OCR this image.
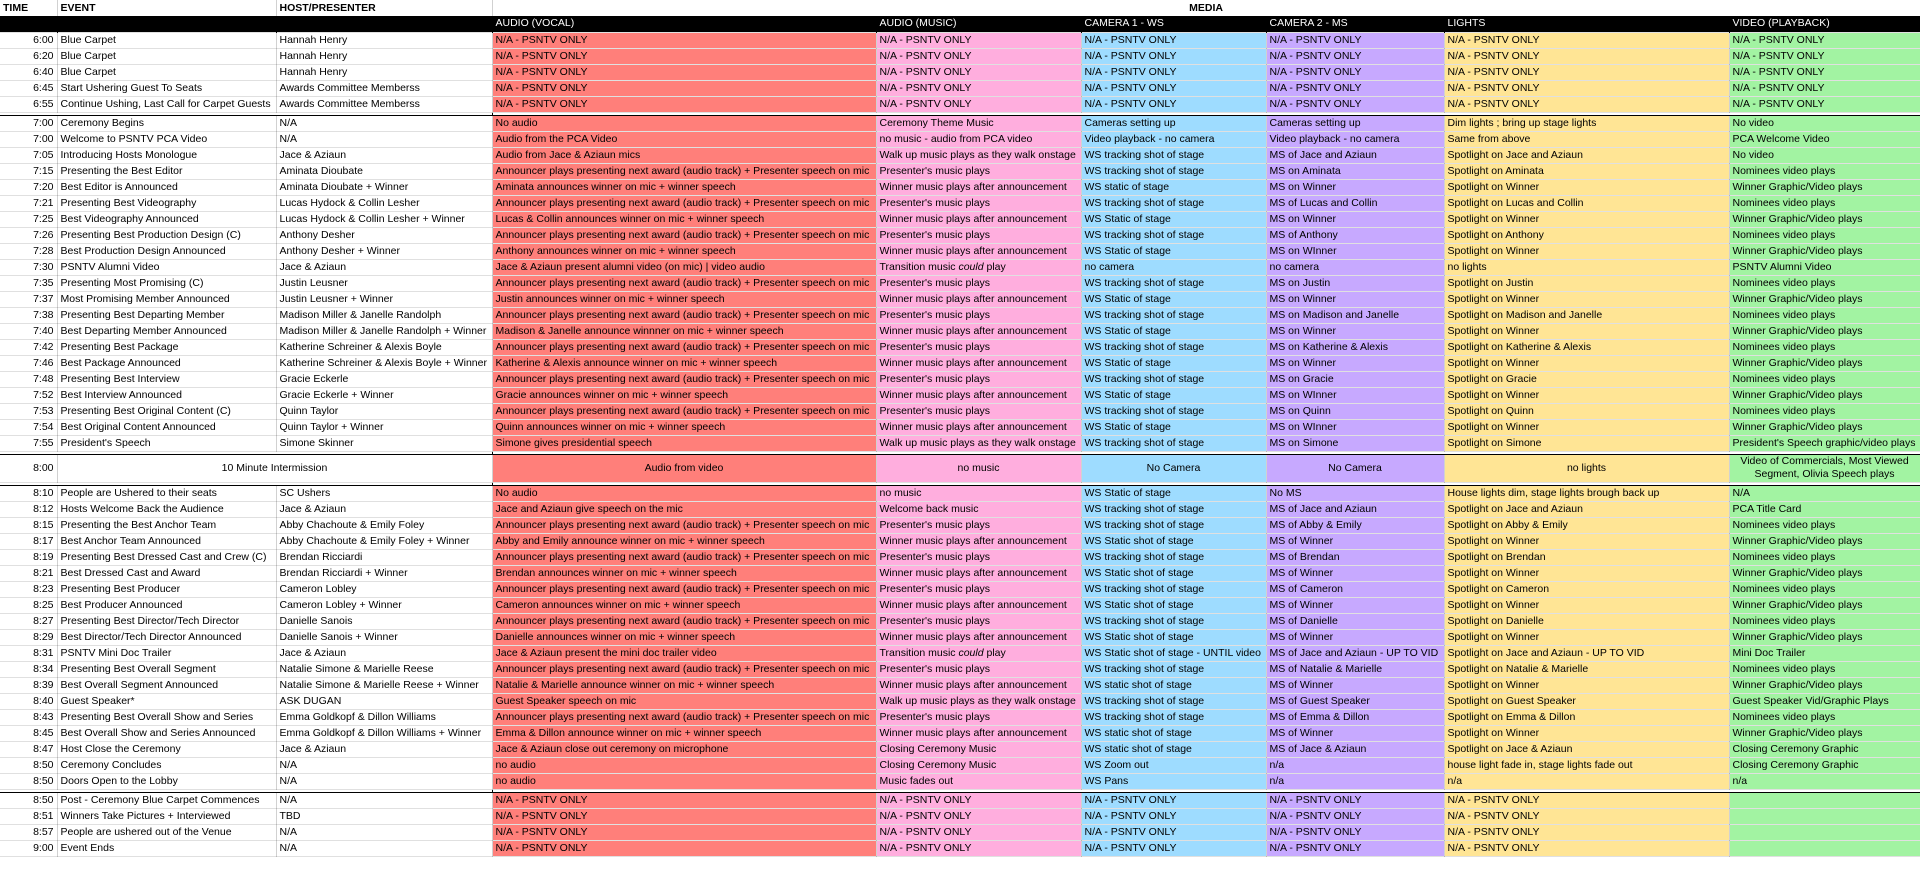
TIME	EVENT	HOST/PRESENTER	MEDIA					
			AUDIO (VOCAL)	AUDIO (MUSIC)	CAMERA 1 - WS	CAMERA 2 - MS	LIGHTS	VIDEO (PLAYBACK)
6:00	Blue Carpet	Hannah Henry	N/A - PSNTV ONLY	N/A - PSNTV ONLY	N/A - PSNTV ONLY	N/A - PSNTV ONLY	N/A - PSNTV ONLY	N/A - PSNTV ONLY
6:20	Blue Carpet	Hannah Henry	N/A - PSNTV ONLY	N/A - PSNTV ONLY	N/A - PSNTV ONLY	N/A - PSNTV ONLY	N/A - PSNTV ONLY	N/A - PSNTV ONLY
6:40	Blue Carpet	Hannah Henry	N/A - PSNTV ONLY	N/A - PSNTV ONLY	N/A - PSNTV ONLY	N/A - PSNTV ONLY	N/A - PSNTV ONLY	N/A - PSNTV ONLY
6:45	Start Ushering Guest To Seats	Awards Committee Memberss	N/A - PSNTV ONLY	N/A - PSNTV ONLY	N/A - PSNTV ONLY	N/A - PSNTV ONLY	N/A - PSNTV ONLY	N/A - PSNTV ONLY
6:55	Continue Ushing, Last Call for Carpet Guests	Awards Committee Memberss	N/A - PSNTV ONLY	N/A - PSNTV ONLY	N/A - PSNTV ONLY	N/A - PSNTV ONLY	N/A - PSNTV ONLY	N/A - PSNTV ONLY

7:00	Ceremony Begins	N/A	No audio	Ceremony Theme Music	Cameras setting up	Cameras setting up	Dim lights ; bring up stage lights	No video
7:00	Welcome to PSNTV PCA Video	N/A	Audio from the PCA Video	no music - audio from PCA video	Video playback - no camera	Video playback - no camera	Same from above	PCA Welcome Video
7:05	Introducing Hosts Monologue	Jace & Aziaun	Audio from Jace & Aziaun mics	Walk up music plays as they walk onstage	WS tracking shot of stage	MS of Jace and Aziaun	Spotlight on Jace and Aziaun	No video
7:15	Presenting the Best Editor	Aminata Dioubate	Announcer plays presenting next award (audio track) + Presenter speech on mic	Presenter's music plays	WS tracking shot of stage	MS on Aminata	Spotlight on Aminata	Nominees video plays
7:20	Best Editor is Announced	Aminata Dioubate + Winner	Aminata announces winner on mic + winner speech	Winner music plays after announcement	WS static of stage	MS on Winner	Spotlight on Winner	Winner Graphic/Video plays
7:21	Presenting Best Videography	Lucas Hydock & Collin Lesher	Announcer plays presenting next award (audio track) + Presenter speech on mic	Presenter's music plays	WS tracking shot of stage	MS of Lucas and Collin	Spotlight on Lucas and Collin	Nominees video plays
7:25	Best Videography Announced	Lucas Hydock & Collin Lesher + Winner	Lucas & Collin announces winner on mic + winner speech	Winner music plays after announcement	WS Static of stage	MS on Winner	Spotlight on Winner	Winner Graphic/Video plays
7:26	Presenting Best Production Design (C)	Anthony Desher	Announcer plays presenting next award (audio track) + Presenter speech on mic	Presenter's music plays	WS tracking shot of stage	MS of Anthony	Spotlight on Anthony	Nominees video plays
7:28	Best Production Design Announced	Anthony Desher + Winner	Anthony announces winner on mic + winner speech	Winner music plays after announcement	WS Static of stage	MS on WInner	Spotlight on Winner	Winner Graphic/Video plays
7:30	PSNTV Alumni Video	Jace & Aziaun	Jace & Aziaun present alumni video (on mic) | video audio	Transition music could play	no camera	no camera	no lights	PSNTV Alumni Video
7:35	Presenting Most Promising (C)	Justin Leusner	Announcer plays presenting next award (audio track) + Presenter speech on mic	Presenter's music plays	WS tracking shot of stage	MS on Justin	Spotlight on Justin	Nominees video plays
7:37	Most Promising Member Announced	Justin Leusner + Winner	Justin announces winner on mic + winner speech	Winner music plays after announcement	WS Static of stage	MS on Winner	Spotlight on Winner	Winner Graphic/Video plays
7:38	Presenting Best Departing Member	Madison Miller & Janelle Randolph	Announcer plays presenting next award (audio track) + Presenter speech on mic	Presenter's music plays	WS tracking shot of stage	MS on Madison and Janelle	Spotlight on Madison and Janelle	Nominees video plays
7:40	Best Departing Member Announced	Madison Miller & Janelle Randolph + Winner	Madison & Janelle announce winnner on mic + winner speech	Winner music plays after announcement	WS Static of stage	MS on Winner	Spotlight on Winner	Winner Graphic/Video plays
7:42	Presenting Best Package	Katherine Schreiner & Alexis Boyle	Announcer plays presenting next award (audio track) + Presenter speech on mic	Presenter's music plays	WS tracking shot of stage	MS on Katherine & Alexis	Spotlight on Katherine & Alexis	Nominees video plays
7:46	Best Package Announced	Katherine Schreiner & Alexis Boyle + Winner	Katherine & Alexis announce winner on mic + winner speech	Winner music plays after announcement	WS Static of stage	MS on Winner	Spotlight on Winner	Winner Graphic/Video plays
7:48	Presenting Best Interview	Gracie Eckerle	Announcer plays presenting next award (audio track) + Presenter speech on mic	Presenter's music plays	WS tracking shot of stage	MS on Gracie	Spotlight on Gracie	Nominees video plays
7:52	Best Interview Announced	Gracie Eckerle + Winner	Gracie announces winner on mic + winner speech	Winner music plays after announcement	WS Static of stage	MS on WInner	Spotlight on Winner	Winner Graphic/Video plays
7:53	Presenting Best Original Content (C)	Quinn Taylor	Announcer plays presenting next award (audio track) + Presenter speech on mic	Presenter's music plays	WS tracking shot of stage	MS on Quinn	Spotlight on Quinn	Nominees video plays
7:54	Best Original Content Announced	Quinn Taylor + Winner	Quinn announces winner on mic + winner speech	Winner music plays after announcement	WS Static of stage	MS on WInner	Spotlight on Winner	Winner Graphic/Video plays
7:55	President's Speech	Simone Skinner	Simone gives presidential speech	Walk up music plays as they walk onstage	WS tracking shot of stage	MS on Simone	Spotlight on Simone	President's Speech graphic/video plays

8:00	10 Minute Intermission		Audio from video	no music	No Camera	No Camera	no lights	Video of Commercials, Most Viewed Segment, Olivia Speech plays

8:10	People are Ushered to their seats	SC Ushers	No audio	no music	WS Static of stage	No MS	House lights dim, stage lights brough back up	N/A
8:12	Hosts Welcome Back the Audience	Jace & Aziaun	Jace and Aziaun give speech on the mic	Welcome back music	WS tracking shot of stage	MS of Jace and Aziaun	Spotlight on Jace and Aziaun	PCA Title Card
8:15	Presenting the Best Anchor Team	Abby Chachoute & Emily Foley	Announcer plays presenting next award (audio track) + Presenter speech on mic	Presenter's music plays	WS tracking shot of stage	MS of Abby & Emily	Spotlight on Abby & Emily	Nominees video plays
8:17	Best Anchor Team Announced	Abby Chachoute & Emily Foley + Winner	Abby and Emily announce winner on mic + winner speech	Winner music plays after announcement	WS Static shot of stage	MS of Winner	Spotlight on Winner	Winner Graphic/Video plays
8:19	Presenting Best Dressed Cast and Crew (C)	Brendan Ricciardi	Announcer plays presenting next award (audio track) + Presenter speech on mic	Presenter's music plays	WS tracking shot of stage	MS of Brendan	Spotlight on Brendan	Nominees video plays
8:21	Best Dressed Cast and Award	Brendan Ricciardi + Winner	Brendan announces winner on mic + winner speech	Winner music plays after announcement	WS Static shot of stage	MS of Winner	Spotlight on Winner	Winner Graphic/Video plays
8:23	Presenting Best Producer	Cameron Lobley	Announcer plays presenting next award (audio track) + Presenter speech on mic	Presenter's music plays	WS tracking shot of stage	MS of Cameron	Spotlight on Cameron	Nominees video plays
8:25	Best Producer Announced	Cameron Lobley + Winner	Cameron announces winner on mic + winner speech	Winner music plays after announcement	WS Static shot of stage	MS of Winner	Spotlight on Winner	Winner Graphic/Video plays
8:27	Presenting Best Director/Tech Director	Danielle Sanois	Announcer plays presenting next award (audio track) + Presenter speech on mic	Presenter's music plays	WS tracking shot of stage	MS of Danielle	Spotlight on Danielle	Nominees video plays
8:29	Best Director/Tech Director Announced	Danielle Sanois + Winner	Danielle announces winner on mic + winner speech	Winner music plays after announcement	WS Static shot of stage	MS of Winner	Spotlight on Winner	Winner Graphic/Video plays
8:31	PSNTV Mini Doc Trailer	Jace & Aziaun	Jace & Aziaun present the mini doc trailer video	Transition music could play	WS Static shot of stage - UNTIL video	MS of Jace and Aziaun - UP TO VID	Spotlight on Jace and Aziaun - UP TO VID	Mini Doc Trailer
8:34	Presenting Best Overall Segment	Natalie Simone & Marielle Reese	Announcer plays presenting next award (audio track) + Presenter speech on mic	Presenter's music plays	WS tracking shot of stage	MS of Natalie & Marielle	Spotlight on Natalie & Marielle	Nominees video plays
8:39	Best Overall Segment Announced	Natalie Simone & Marielle Reese + Winner	Natalie & Marielle announce winner on mic + winner speech	Winner music plays after announcement	WS static shot of stage	MS of Winner	Spotlight on Winner	Winner Graphic/Video plays
8:40	Guest Speaker*	ASK DUGAN	Guest Speaker speech on mic	Walk up music plays as they walk onstage	WS tracking shot of stage	MS of Guest Speaker	Spotlight on Guest Speaker	Guest Speaker Vid/Graphic Plays
8:43	Presenting Best Overall Show and Series	Emma Goldkopf & Dillon Williams	Announcer plays presenting next award (audio track) + Presenter speech on mic	Presenter's music plays	WS tracking shot of stage	MS of Emma & Dillon	Spotlight on Emma & Dillon	Nominees video plays
8:45	Best Overall Show and Series Announced	Emma Goldkopf & Dillon Williams + Winner	Emma & Dillon announce winner on mic + winner speech	Winner music plays after announcement	WS static shot of stage	MS of Winner	Spotlight on Winner	Winner Graphic/Video plays
8:47	Host Close the Ceremony	Jace & Aziaun	Jace & Aziaun close out ceremony on microphone	Closing Ceremony Music	WS static shot of stage	MS of Jace & Aziaun	Spotlight on Jace & Aziaun	Closing Ceremony Graphic
8:50	Ceremony Concludes	N/A	no audio	Closing Ceremony Music	WS Zoom out	n/a	house light fade in, stage lights fade out	Closing Ceremony Graphic
8:50	Doors Open to the Lobby	N/A	no audio	Music fades out	WS Pans	n/a	n/a	n/a

8:50	Post - Ceremony Blue Carpet Commences	N/A	N/A - PSNTV ONLY	N/A - PSNTV ONLY	N/A - PSNTV ONLY	N/A - PSNTV ONLY	N/A - PSNTV ONLY	
8:51	Winners Take Pictures + Interviewed	TBD	N/A - PSNTV ONLY	N/A - PSNTV ONLY	N/A - PSNTV ONLY	N/A - PSNTV ONLY	N/A - PSNTV ONLY	
8:57	People are ushered out of the Venue	N/A	N/A - PSNTV ONLY	N/A - PSNTV ONLY	N/A - PSNTV ONLY	N/A - PSNTV ONLY	N/A - PSNTV ONLY	
9:00	Event Ends	N/A	N/A - PSNTV ONLY	N/A - PSNTV ONLY	N/A - PSNTV ONLY	N/A - PSNTV ONLY	N/A - PSNTV ONLY	
